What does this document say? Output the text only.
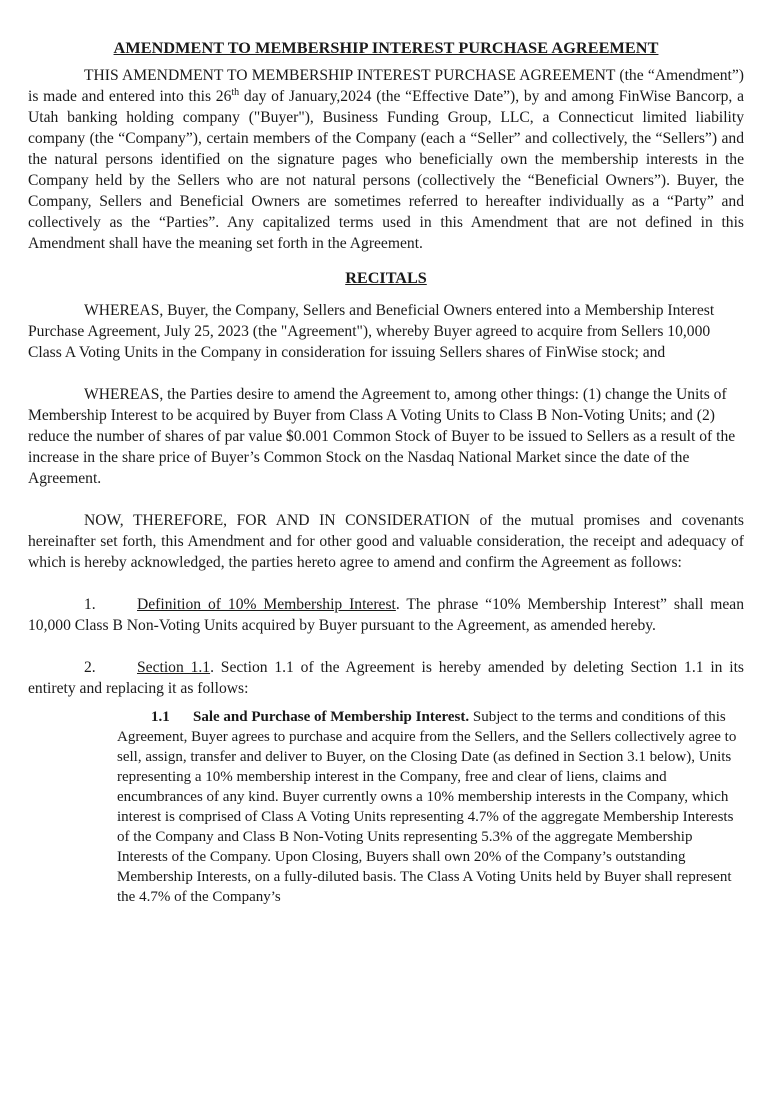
AMENDMENT TO MEMBERSHIP INTEREST PURCHASE AGREEMENT

THIS AMENDMENT TO MEMBERSHIP INTEREST PURCHASE AGREEMENT (the “Amendment”) is made and entered into this 26th day of January,2024 (the “Effective Date”), by and among FinWise Bancorp, a Utah banking holding company ("Buyer"), Business Funding Group, LLC, a Connecticut limited liability company (the “Company”), certain members of the Company (each a “Seller” and collectively, the “Sellers”) and the natural persons identified on the signature pages who beneficially own the membership interests in the Company held by the Sellers who are not natural persons (collectively the “Beneficial Owners”). Buyer, the Company, Sellers and Beneficial Owners are sometimes referred to hereafter individually as a “Party” and collectively as the “Parties”. Any capitalized terms used in this Amendment that are not defined in this Amendment shall have the meaning set forth in the Agreement.

RECITALS

WHEREAS, Buyer, the Company, Sellers and Beneficial Owners entered into a Membership Interest Purchase Agreement, July 25, 2023 (the "Agreement"), whereby Buyer agreed to acquire from Sellers 10,000 Class A Voting Units in the Company in consideration for issuing Sellers shares of FinWise stock; and

WHEREAS, the Parties desire to amend the Agreement to, among other things: (1) change the Units of Membership Interest to be acquired by Buyer from Class A Voting Units to Class B Non-Voting Units; and (2) reduce the number of shares of par value $0.001 Common Stock of Buyer to be issued to Sellers as a result of the increase in the share price of Buyer’s Common Stock on the Nasdaq National Market since the date of the Agreement.

NOW, THEREFORE, FOR AND IN CONSIDERATION of the mutual promises and covenants hereinafter set forth, this Amendment and for other good and valuable consideration, the receipt and adequacy of which is hereby acknowledged, the parties hereto agree to amend and confirm the Agreement as follows:

1.	Definition of 10% Membership Interest. The phrase “10% Membership Interest” shall mean 10,000 Class B Non-Voting Units acquired by Buyer pursuant to the Agreement, as amended hereby.

2.	Section 1.1. Section 1.1 of the Agreement is hereby amended by deleting Section 1.1 in its entirety and replacing it as follows:

1.1 Sale and Purchase of Membership Interest. Subject to the terms and conditions of this Agreement, Buyer agrees to purchase and acquire from the Sellers, and the Sellers collectively agree to sell, assign, transfer and deliver to Buyer, on the Closing Date (as defined in Section 3.1 below), Units representing a 10% membership interest in the Company, free and clear of liens, claims and encumbrances of any kind. Buyer currently owns a 10% membership interests in the Company, which interest is comprised of Class A Voting Units representing 4.7% of the aggregate Membership Interests of the Company and Class B Non-Voting Units representing 5.3% of the aggregate Membership Interests of the Company. Upon Closing, Buyers shall own 20% of the Company’s outstanding Membership Interests, on a fully-diluted basis. The Class A Voting Units held by Buyer shall represent the 4.7% of the Company’s
